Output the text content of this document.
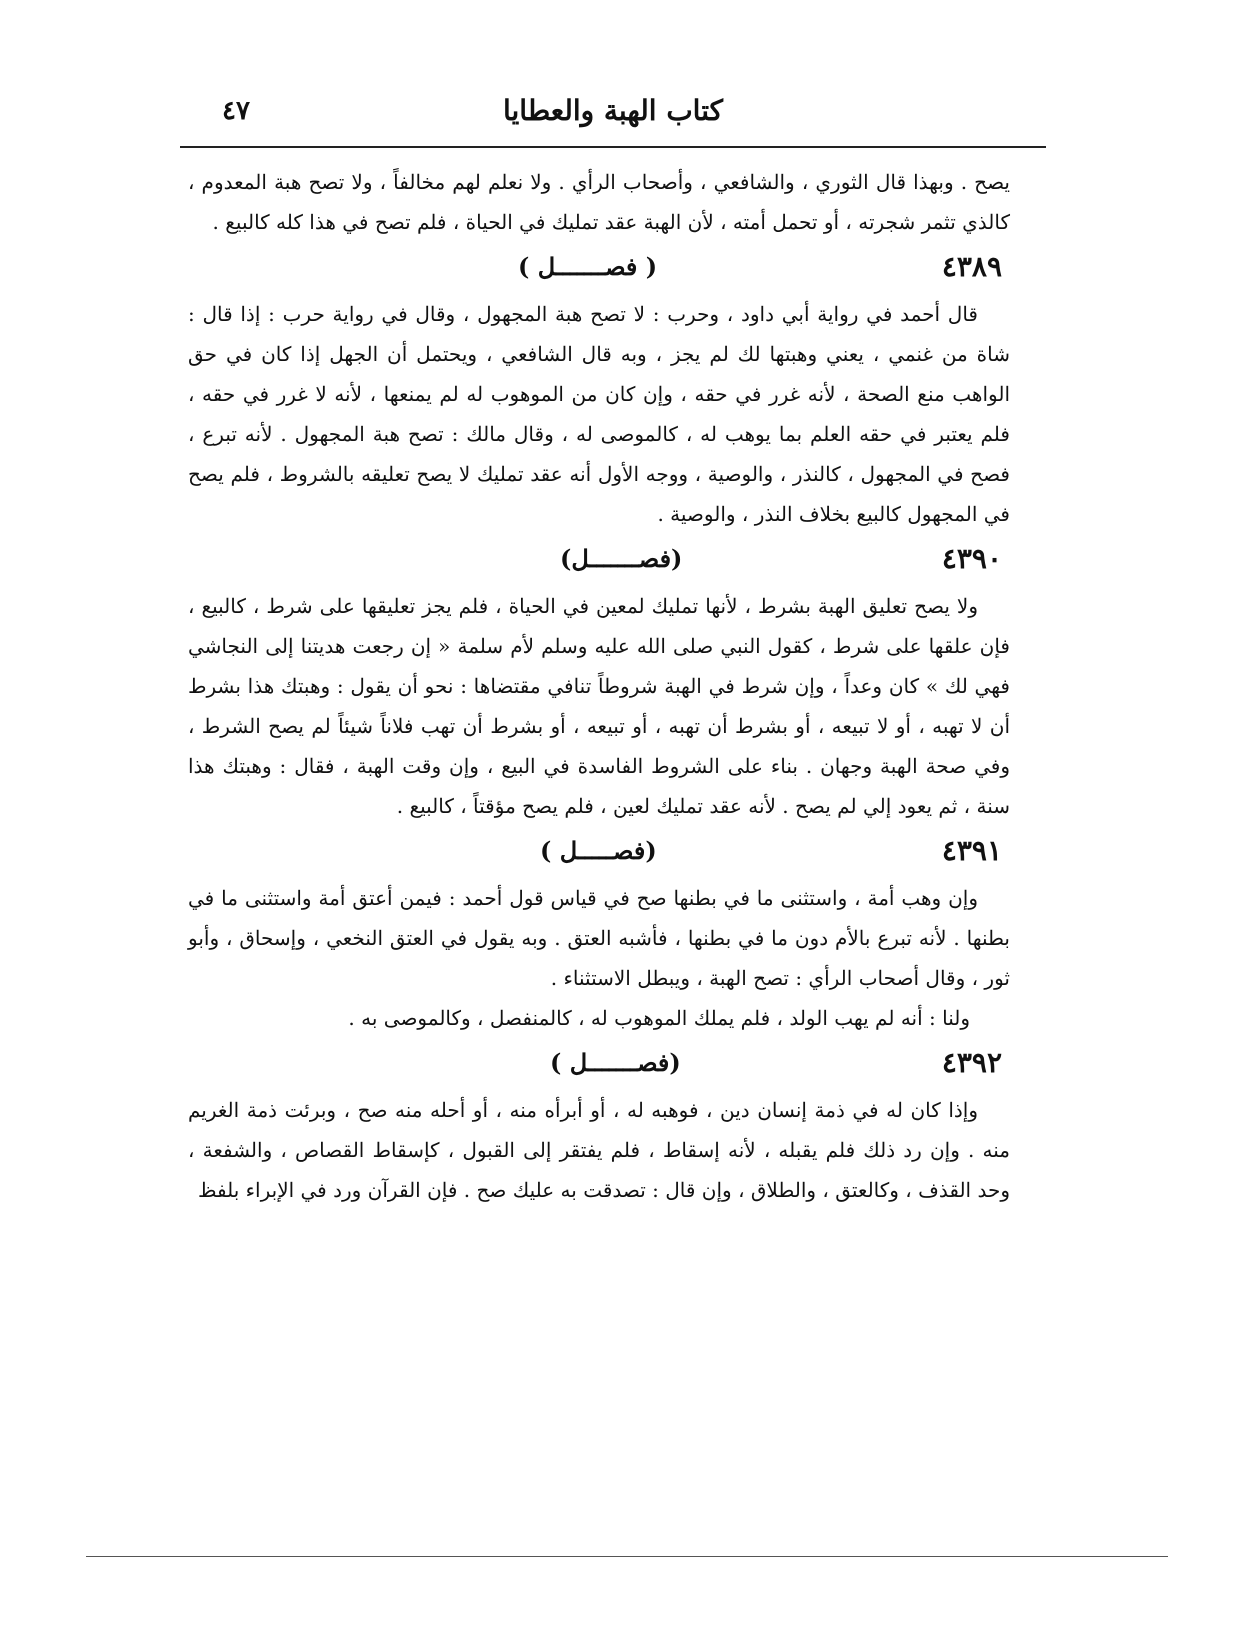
٤٧	كتاب الهبة والعطايا

يصح . وبهذا قال الثوري ، والشافعي ، وأصحاب الرأي . ولا نعلم لهم مخالفاً ، ولا تصح هبة المعدوم ، كالذي تثمر شجرته ، أو تحمل أمته ، لأن الهبة عقد تمليك في الحياة ، فلم تصح في هذا كله كالبيع .

٤٣٨٩
( فصـــــــل )

قال أحمد في رواية أبي داود ، وحرب : لا تصح هبة المجهول ، وقال في رواية حرب : إذا قال : شاة من غنمي ، يعني وهبتها لك لم يجز ، وبه قال الشافعي ، ويحتمل أن الجهل إذا كان في حق الواهب منع الصحة ، لأنه غرر في حقه ، وإن كان من الموهوب له لم يمنعها ، لأنه لا غرر في حقه ، فلم يعتبر في حقه العلم بما يوهب له ، كالموصى له ، وقال مالك : تصح هبة المجهول . لأنه تبرع ، فصح في المجهول ، كالنذر ، والوصية ، ووجه الأول أنه عقد تمليك لا يصح تعليقه بالشروط ، فلم يصح في المجهول كالبيع بخلاف النذر ، والوصية .

٤٣٩٠
(فصـــــــل)

ولا يصح تعليق الهبة بشرط ، لأنها تمليك لمعين في الحياة ، فلم يجز تعليقها على شرط ، كالبيع ، فإن علقها على شرط ، كقول النبي صلى الله عليه وسلم لأم سلمة « إن رجعت هديتنا إلى النجاشي فهي لك » كان وعداً ، وإن شرط في الهبة شروطاً تنافي مقتضاها : نحو أن يقول : وهبتك هذا بشرط أن لا تهبه ، أو لا تبيعه ، أو بشرط أن تهبه ، أو تبيعه ، أو بشرط أن تهب فلاناً شيئاً لم يصح الشرط ، وفي صحة الهبة وجهان . بناء على الشروط الفاسدة في البيع ، وإن وقت الهبة ، فقال : وهبتك هذا سنة ، ثم يعود إلي لم يصح . لأنه عقد تمليك لعين ، فلم يصح مؤقتاً ، كالبيع .

٤٣٩١
(فصـــــل )

وإن وهب أمة ، واستثنى ما في بطنها صح في قياس قول أحمد : فيمن أعتق أمة واستثنى ما في بطنها . لأنه تبرع بالأم دون ما في بطنها ، فأشبه العتق . وبه يقول في العتق النخعي ، وإسحاق ، وأبو ثور ، وقال أصحاب الرأي : تصح الهبة ، ويبطل الاستثناء .

ولنا : أنه لم يهب الولد ، فلم يملك الموهوب له ، كالمنفصل ، وكالموصى به .

٤٣٩٢
(فصـــــــل )

وإذا كان له في ذمة إنسان دين ، فوهبه له ، أو أبرأه منه ، أو أحله منه صح ، وبرئت ذمة الغريم منه . وإن رد ذلك فلم يقبله ، لأنه إسقاط ، فلم يفتقر إلى القبول ، كإسقاط القصاص ، والشفعة ، وحد القذف ، وكالعتق ، والطلاق ، وإن قال : تصدقت به عليك صح . فإن القرآن ورد في الإبراء بلفظ
